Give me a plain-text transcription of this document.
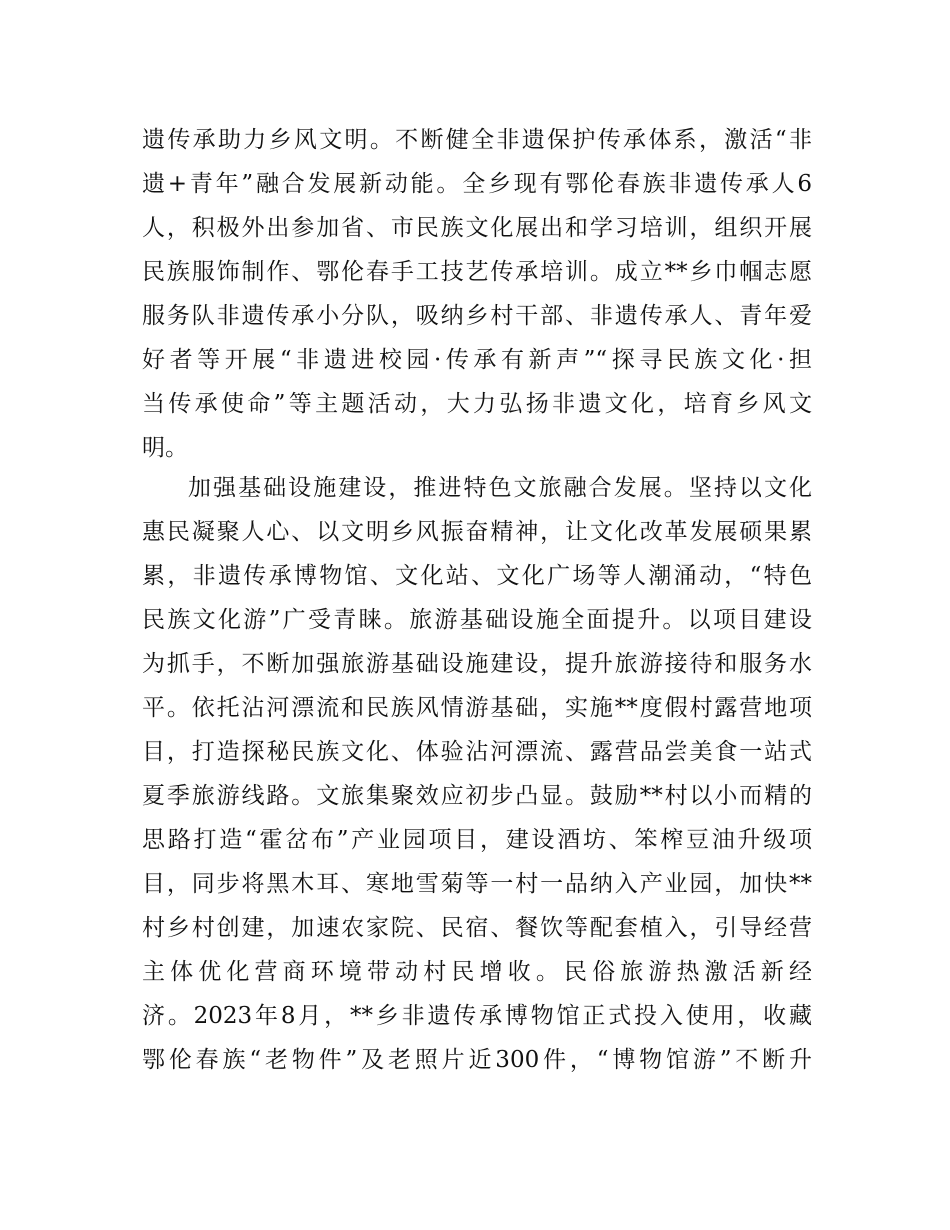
遗传承助力乡风文明。不断健全非遗保护传承体系，激活“非
遗+青年”融合发展新动能。全乡现有鄂伦春族非遗传承人6
人，积极外出参加省、市民族文化展出和学习培训，组织开展
民族服饰制作、鄂伦春手工技艺传承培训。成立**乡巾帼志愿
服务队非遗传承小分队，吸纳乡村干部、非遗传承人、青年爱
好者等开展“非遗进校园·传承有新声”“探寻民族文化·担
当传承使命”等主题活动，大力弘扬非遗文化，培育乡风文
明。
加强基础设施建设，推进特色文旅融合发展。坚持以文化
惠民凝聚人心、以文明乡风振奋精神，让文化改革发展硕果累
累，非遗传承博物馆、文化站、文化广场等人潮涌动，“特色
民族文化游”广受青睐。旅游基础设施全面提升。以项目建设
为抓手，不断加强旅游基础设施建设，提升旅游接待和服务水
平。依托沾河漂流和民族风情游基础，实施**度假村露营地项
目，打造探秘民族文化、体验沾河漂流、露营品尝美食一站式
夏季旅游线路。文旅集聚效应初步凸显。鼓励**村以小而精的
思路打造“霍岔布”产业园项目，建设酒坊、笨榨豆油升级项
目，同步将黑木耳、寒地雪菊等一村一品纳入产业园，加快**
村乡村创建，加速农家院、民宿、餐饮等配套植入，引导经营
主体优化营商环境带动村民增收。民俗旅游热激活新经
济。2023年8月，**乡非遗传承博物馆正式投入使用，收藏
鄂伦春族“老物件”及老照片近300件，“博物馆游”不断升
